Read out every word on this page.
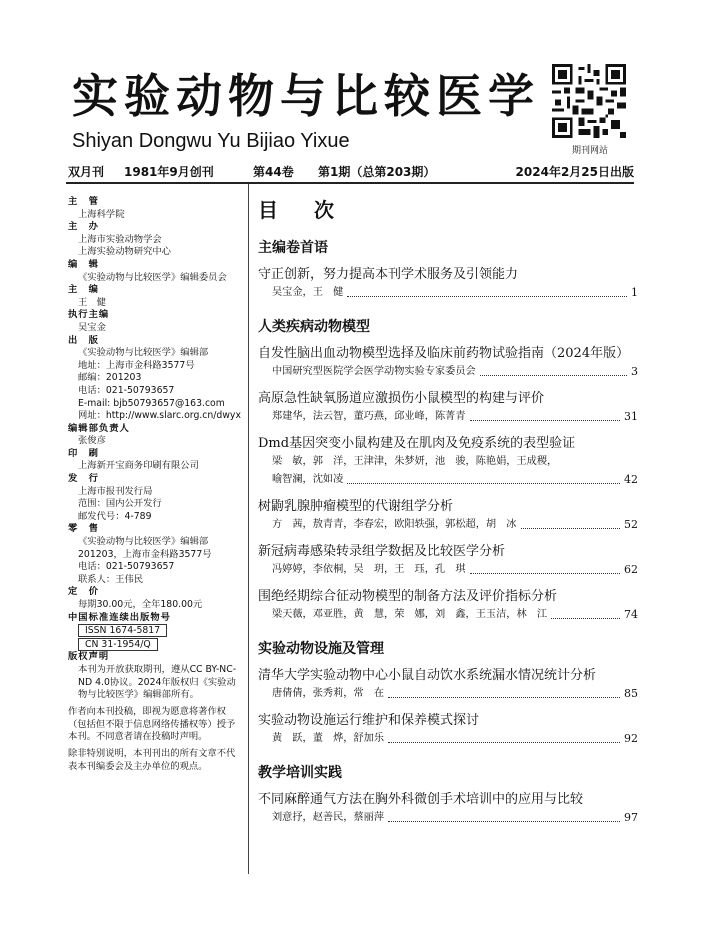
实验动物与比较医学

Shiyan Dongwu Yu Bijiao Yixue	期刊网站
双月刊 1981年9月创刊	第44卷 第1期（总第203期）	2024年2月25日出版
主　管
上海科学院
主　办
上海市实验动物学会
上海实验动物研究中心
编　辑
《实验动物与比较医学》编辑委员会
主　编
王　健
执行主编
吴宝金
出　版
《实验动物与比较医学》编辑部
地址：上海市金科路3577号
邮编：201203
电话：021-50793657
E-mail: bjb50793657@163.com
网址：http://www.slarc.org.cn/dwyx
编辑部负责人
张俊彦
印　刷
上海新开宝商务印刷有限公司
发　行
上海市报刊发行局
范围：国内公开发行
邮发代号：4-789
零　售
《实验动物与比较医学》编辑部
201203，上海市金科路3577号
电话：021-50793657
联系人：王伟民
定　价
每期30.00元，全年180.00元
中国标准连续出版物号
ISSN 1674-5817
CN 31-1954/Q
版权声明
本刊为开放获取期刊，遵从CC BY-NC-ND 4.0协议。2024年版权归《实验动物与比较医学》编辑部所有。
作者向本刊投稿，即视为愿意将著作权（包括但不限于信息网络传播权等）授予本刊。不同意者请在投稿时声明。
除非特别说明，本刊刊出的所有文章不代表本刊编委会及主办单位的观点。
目　次
主编卷首语
守正创新，努力提高本刊学术服务及引领能力
吴宝金，王　健	1
人类疾病动物模型
自发性脑出血动物模型选择及临床前药物试验指南（2024年版）
中国研究型医院学会医学动物实验专家委员会	3
高原急性缺氧肠道应激损伤小鼠模型的构建与评价
郑建华，法云智，董巧燕，邱业峰，陈菁青	31
Dmd基因突变小鼠构建及在肌肉及免疫系统的表型验证
梁　敏，郭　洋，王津津，朱梦妍，池　骏，陈艳娟，王成稷，
喻智澜，沈如凌	42
树鼩乳腺肿瘤模型的代谢组学分析
方　茜，敖青青，李春宏，欧阳轶强，郭松超，胡　冰	52
新冠病毒感染转录组学数据及比较医学分析
冯婷婷，李依桐，吴　玥，王　珏，孔　琪	62
围绝经期综合征动物模型的制备方法及评价指标分析
梁天薇，邓亚胜，黄　慧，荣　娜，刘　鑫，王玉洁，林　江	74
实验动物设施及管理
清华大学实验动物中心小鼠自动饮水系统漏水情况统计分析
唐倩倩，张秀莉，常　在	85
实验动物设施运行维护和保养模式探讨
黄　跃，董　烨，舒加乐	92
教学培训实践
不同麻醉通气方法在胸外科微创手术培训中的应用与比较
刘意抒，赵善民，蔡丽萍	97
